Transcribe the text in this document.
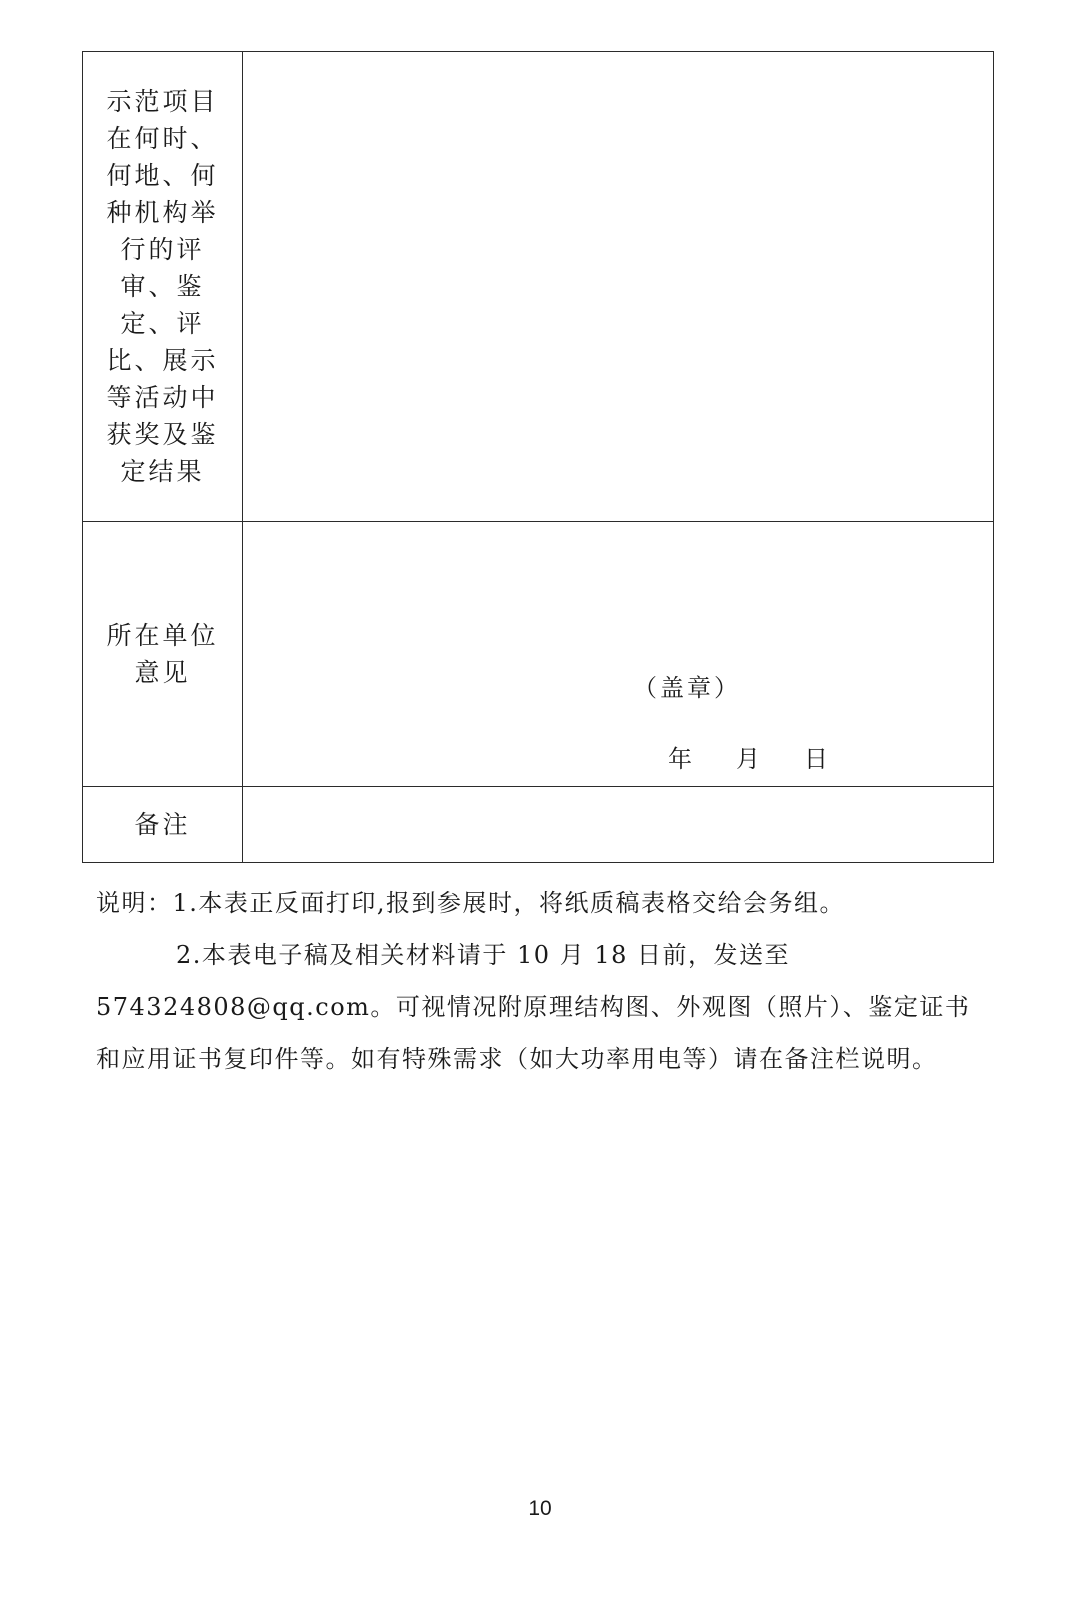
示范项目在何时、何地、何种机构举行的评审、鉴定、评比、展示等活动中获奖及鉴定结果	
所在单位意见	（盖章）
年 月 日

备注	

说明：1.本表正反面打印,报到参展时，将纸质稿表格交给会务组。

2.本表电子稿及相关材料请于 10 月 18 日前，发送至

574324808@qq.com。可视情况附原理结构图、外观图（照片）、鉴定证书

和应用证书复印件等。如有特殊需求（如大功率用电等）请在备注栏说明。

10
